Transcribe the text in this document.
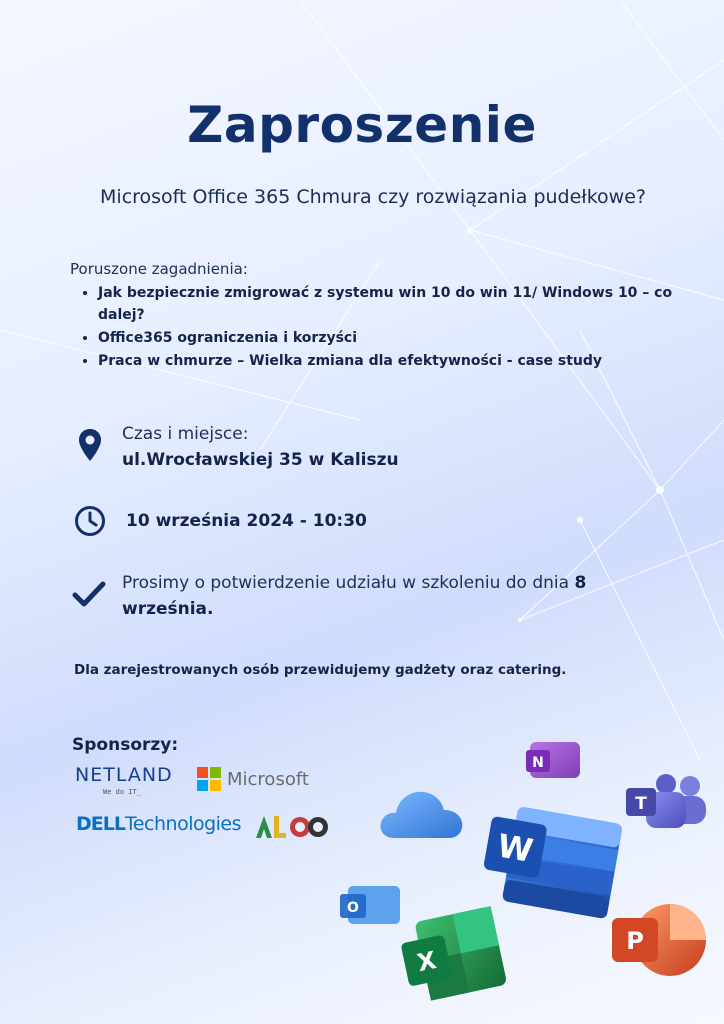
Zaproszenie
Microsoft Office 365 Chmura czy rozwiązania pudełkowe?
Poruszone zagadnienia:
• Jak bezpiecznie zmigrować z systemu win 10 do win 11/ Windows 10 – co dalej?
• Office365 ograniczenia i korzyści
• Praca w chmurze – Wielka zmiana dla efektywności - case study
Czas i miejsce:
ul.Wrocławskiej 35 w Kaliszu
10 września 2024 - 10:30
Prosimy o potwierdzenie udziału w szkoleniu do dnia 8 września.
Dla zarejestrowanych osób przewidujemy gadżety oraz catering.
Sponsorzy:
NETLAND
We do IT_
Microsoft
DELLTechnologies
N
T
W
O
X
P
